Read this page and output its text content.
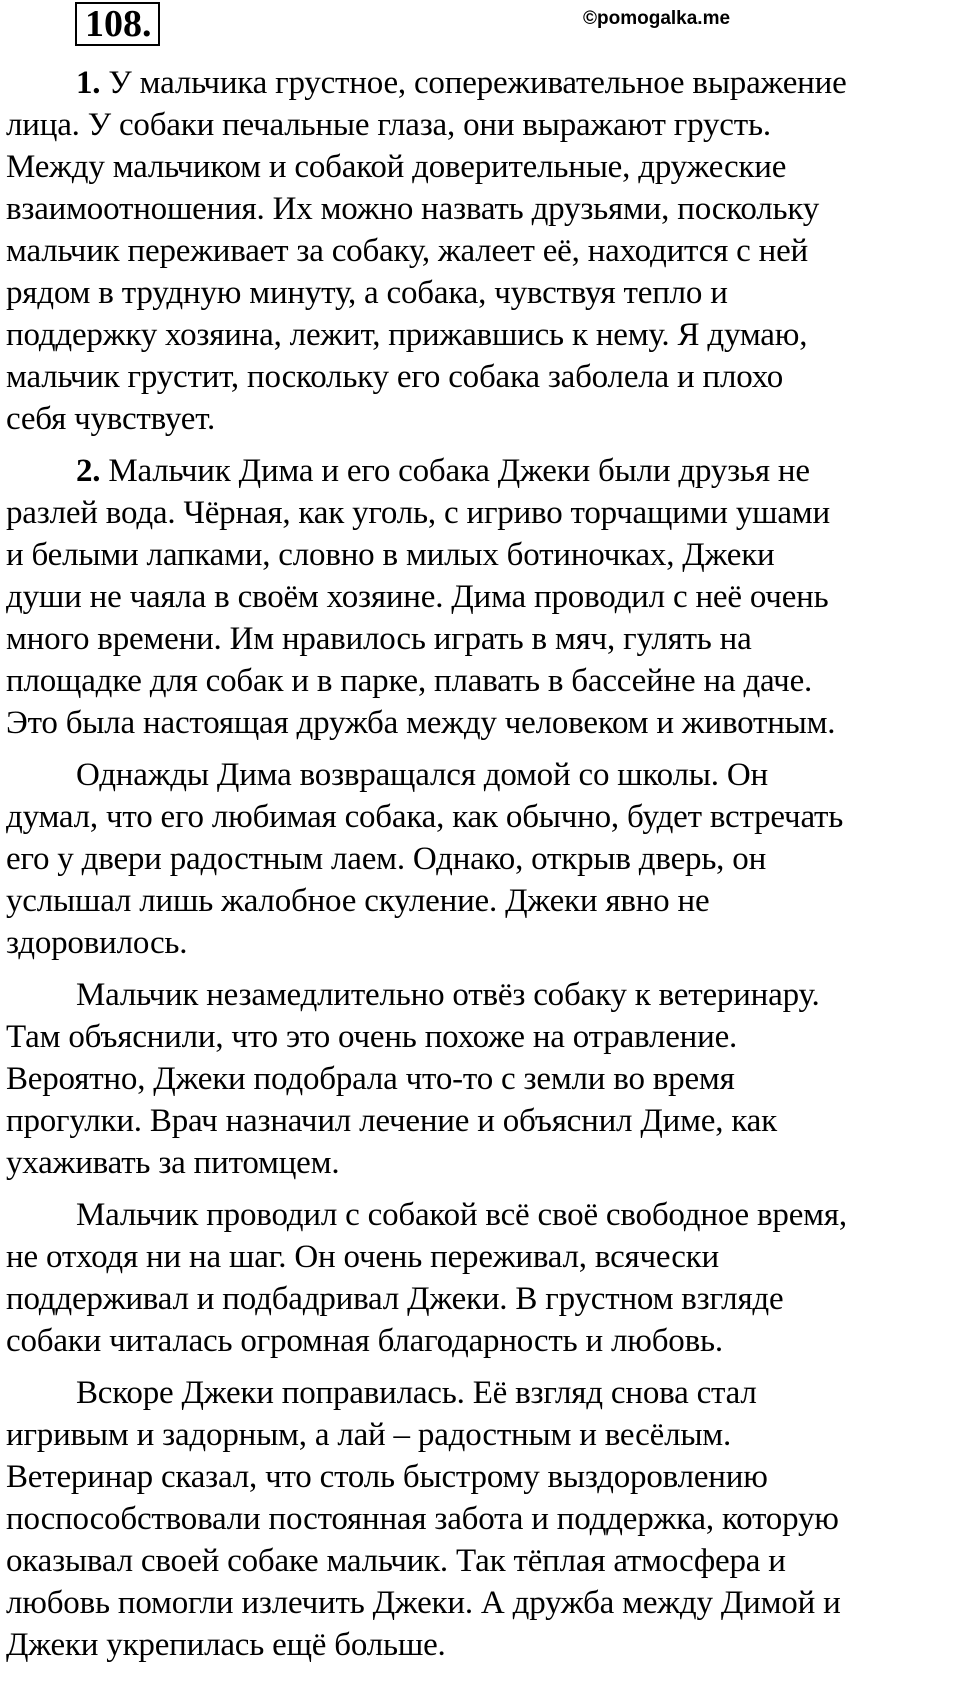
108.	©pomogalka.me

1. У мальчика грустное, сопереживательное выражение
лица. У собаки печальные глаза, они выражают грусть.
Между мальчиком и собакой доверительные, дружеские
взаимоотношения. Их можно назвать друзьями, поскольку
мальчик переживает за собаку, жалеет её, находится с ней
рядом в трудную минуту, а собака, чувствуя тепло и
поддержку хозяина, лежит, прижавшись к нему. Я думаю,
мальчик грустит, поскольку его собака заболела и плохо
себя чувствует.

2. Мальчик Дима и его собака Джеки были друзья не
разлей вода. Чёрная, как уголь, с игриво торчащими ушами
и белыми лапками, словно в милых ботиночках, Джеки
души не чаяла в своём хозяине. Дима проводил с неё очень
много времени. Им нравилось играть в мяч, гулять на
площадке для собак и в парке, плавать в бассейне на даче.
Это была настоящая дружба между человеком и животным.

Однажды Дима возвращался домой со школы. Он
думал, что его любимая собака, как обычно, будет встречать
его у двери радостным лаем. Однако, открыв дверь, он
услышал лишь жалобное скуление. Джеки явно не
здоровилось.

Мальчик незамедлительно отвёз собаку к ветеринару.
Там объяснили, что это очень похоже на отравление.
Вероятно, Джеки подобрала что-то с земли во время
прогулки. Врач назначил лечение и объяснил Диме, как
ухаживать за питомцем.

Мальчик проводил с собакой всё своё свободное время,
не отходя ни на шаг. Он очень переживал, всячески
поддерживал и подбадривал Джеки. В грустном взгляде
собаки читалась огромная благодарность и любовь.

Вскоре Джеки поправилась. Её взгляд снова стал
игривым и задорным, а лай – радостным и весёлым.
Ветеринар сказал, что столь быстрому выздоровлению
поспособствовали постоянная забота и поддержка, которую
оказывал своей собаке мальчик. Так тёплая атмосфера и
любовь помогли излечить Джеки. А дружба между Димой и
Джеки укрепилась ещё больше.
